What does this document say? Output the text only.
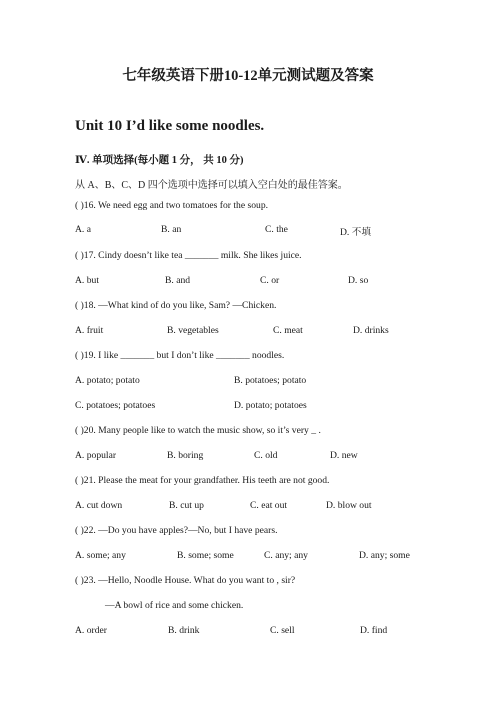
七年级英语下册10-12单元测试题及答案
Unit 10 I’d like some noodles.
Ⅳ. 单项选择(每小题 1 分， 共 10 分)
从 A、B、C、D 四个选项中选择可以填入空白处的最佳答案。
( )16. We need egg and two tomatoes for the soup.
A. a	B. an	C. the	D. 不填
( )17. Cindy doesn’t like tea _______ milk. She likes juice.
A. but	B. and	C. or	D. so
( )18. —What kind of do you like, Sam? —Chicken.
A. fruit	B. vegetables	C. meat	D. drinks
( )19. I like _______ but I don’t like _______ noodles.
A. potato; potato	B. potatoes; potato
C. potatoes; potatoes	D. potato; potatoes
( )20. Many people like to watch the music show, so it’s very _ .
A. popular	B. boring	C. old	D. new
( )21. Please the meat for your grandfather. His teeth are not good.
A. cut down	B. cut up	C. eat out	D. blow out
( )22. —Do you have apples?—No, but I have pears.
A. some; any	B. some; some	C. any; any	D. any; some
( )23. —Hello, Noodle House. What do you want to , sir?
—A bowl of rice and some chicken.
A. order	B. drink	C. sell	D. find
